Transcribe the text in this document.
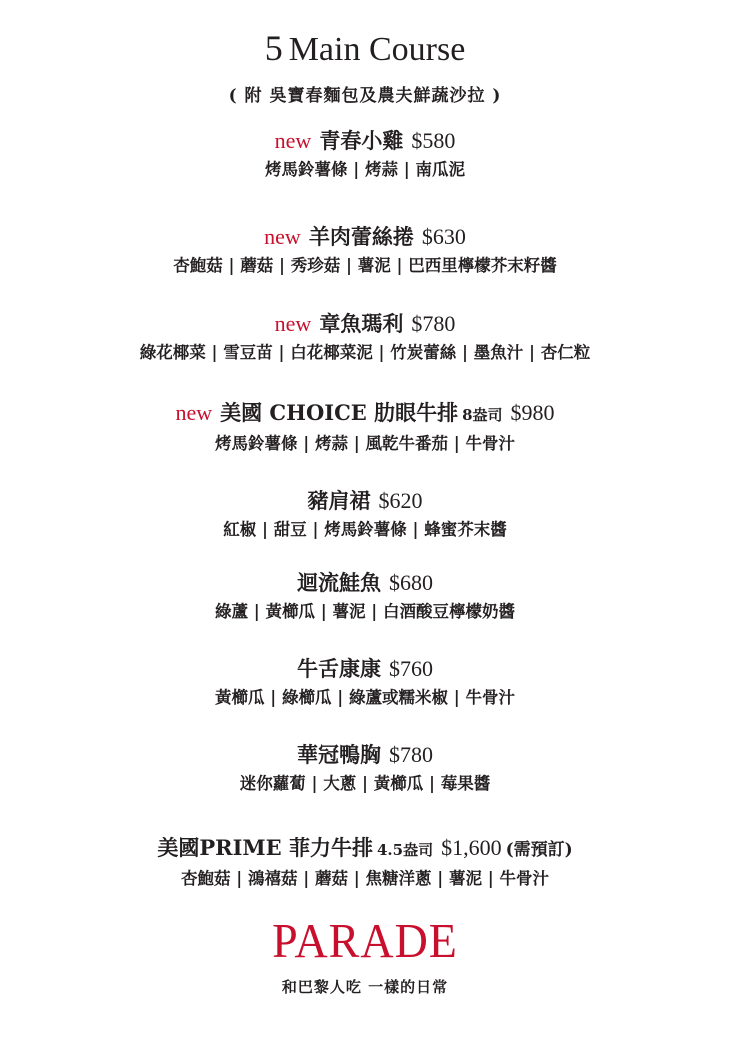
5 Main Course
( 附 吳寶春麵包及農夫鮮蔬沙拉 )
new 青春小雞 $580
烤馬鈴薯條 | 烤蒜 | 南瓜泥
new 羊肉蕾絲捲 $630
杏鮑菇 | 蘑菇 | 秀珍菇 | 薯泥 | 巴西里檸檬芥末籽醬
new 章魚瑪利 $780
綠花椰菜 | 雪豆苗 | 白花椰菜泥 | 竹炭蕾絲 | 墨魚汁 | 杏仁粒
new 美國 CHOICE 肋眼牛排 8盎司 $980
烤馬鈴薯條 | 烤蒜 | 風乾牛番茄 | 牛骨汁
豬肩裙 $620
紅椒 | 甜豆 | 烤馬鈴薯條 | 蜂蜜芥末醬
迴流鮭魚 $680
綠蘆 | 黃櫛瓜 | 薯泥 | 白酒酸豆檸檬奶醬
牛舌康康 $760
黃櫛瓜 | 綠櫛瓜 | 綠蘆或糯米椒 | 牛骨汁
華冠鴨胸 $780
迷你蘿蔔 | 大蔥 | 黃櫛瓜 | 莓果醬
美國PRIME 菲力牛排 4.5盎司 $1,600 (需預訂)
杏鮑菇 | 鴻禧菇 | 蘑菇 | 焦糖洋蔥 | 薯泥 | 牛骨汁
PARADE
和巴黎人吃 一樣的日常
